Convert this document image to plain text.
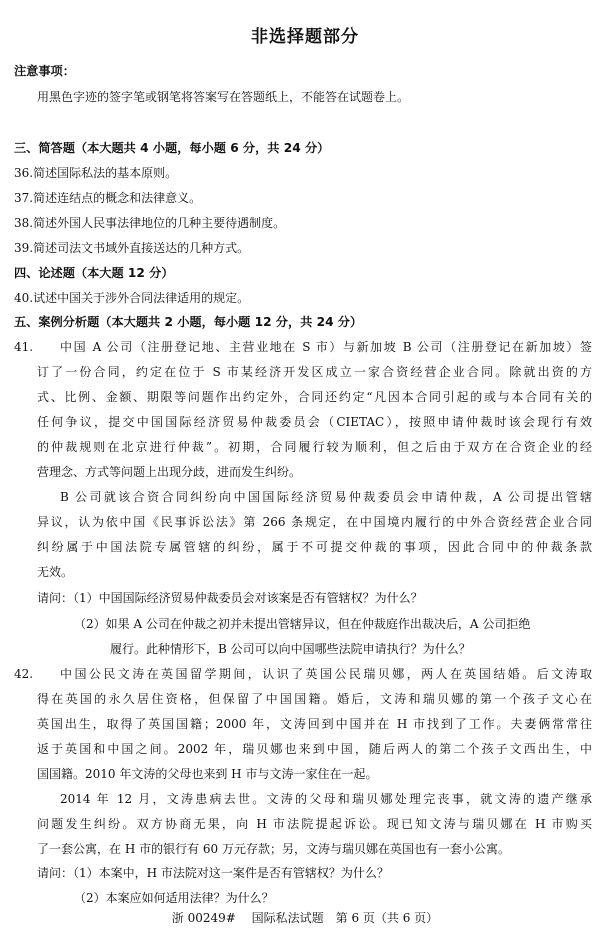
非选择题部分
注意事项：
用黑色字迹的签字笔或钢笔将答案写在答题纸上，不能答在试题卷上。
三、简答题（本大题共 4 小题，每小题 6 分，共 24 分）
36.简述国际私法的基本原则。
37.简述连结点的概念和法律意义。
38.简述外国人民事法律地位的几种主要待遇制度。
39.简述司法文书域外直接送达的几种方式。
四、论述题（本大题 12 分）
40.试述中国关于涉外合同法律适用的规定。
五、案例分析题（本大题共 2 小题，每小题 12 分，共 24 分）
41. 中国 A 公司（注册登记地、主营业地在 S 市）与新加坡 B 公司（注册登记在新加坡）签
订了一份合同，约定在位于 S 市某经济开发区成立一家合资经营企业合同。除就出资的方
式、比例、金额、期限等问题作出约定外，合同还约定“凡因本合同引起的或与本合同有关的
任何争议，提交中国国际经济贸易仲裁委员会（CIETAC），按照申请仲裁时该会现行有效
的仲裁规则在北京进行仲裁”。初期，合同履行较为顺利，但之后由于双方在合资企业的经
营理念、方式等问题上出现分歧，进而发生纠纷。
B 公司就该合资合同纠纷向中国国际经济贸易仲裁委员会申请仲裁，A 公司提出管辖
异议，认为依中国《民事诉讼法》第 266 条规定，在中国境内履行的中外合资经营企业合同
纠纷属于中国法院专属管辖的纠纷，属于不可提交仲裁的事项，因此合同中的仲裁条款
无效。
请问：（1）中国国际经济贸易仲裁委员会对该案是否有管辖权？为什么？
（2）如果 A 公司在仲裁之初并未提出管辖异议，但在仲裁庭作出裁决后，A 公司拒绝
履行。此种情形下，B 公司可以向中国哪些法院申请执行？为什么？
42. 中国公民文涛在英国留学期间，认识了英国公民瑞贝娜，两人在英国结婚。后文涛取
得在英国的永久居住资格，但保留了中国国籍。婚后，文涛和瑞贝娜的第一个孩子文心在
英国出生，取得了英国国籍；2000 年，文涛回到中国并在 H 市找到了工作。夫妻俩常常往
返于英国和中国之间。2002 年，瑞贝娜也来到中国，随后两人的第二个孩子文西出生，中
国国籍。2010 年文涛的父母也来到 H 市与文涛一家住在一起。
2014 年 12 月，文涛患病去世。文涛的父母和瑞贝娜处理完丧事，就文涛的遗产继承
问题发生纠纷。双方协商无果，向 H 市法院提起诉讼。现已知文涛与瑞贝娜在 H 市购买
了一套公寓，在 H 市的银行有 60 万元存款；另，文涛与瑞贝娜在英国也有一套小公寓。
请问：（1）本案中，H 市法院对这一案件是否有管辖权？为什么？
（2）本案应如何适用法律？为什么？
浙 00249#　 国际私法试题　第 6 页（共 6 页）
